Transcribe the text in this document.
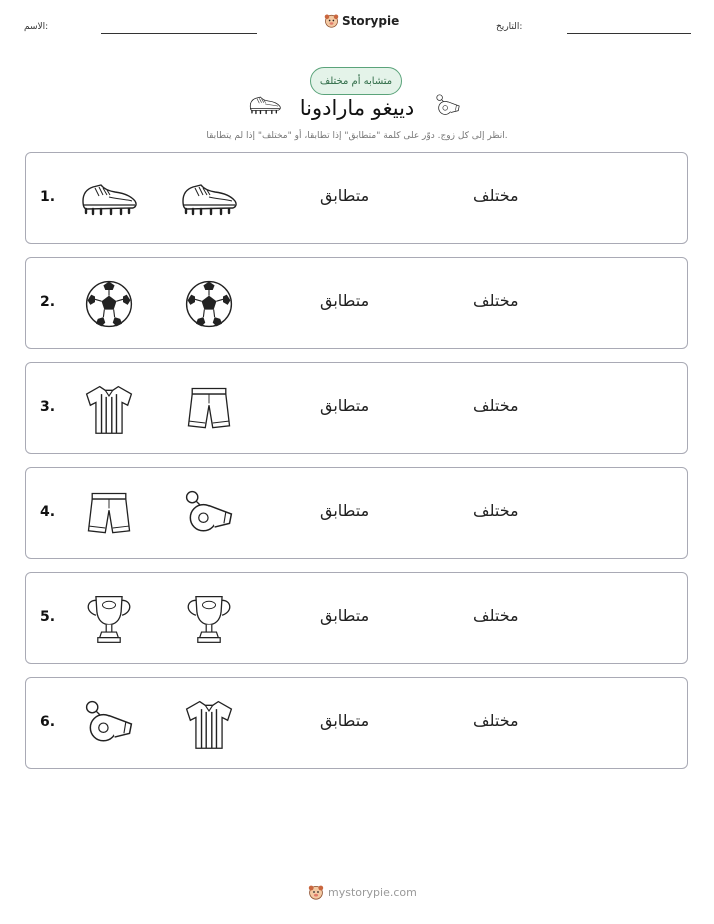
الاسم:	Storypie	التاريخ:
متشابه أم مختلف
دييغو مارادونا
انظر إلى كل زوج. دوّر على كلمة "متطابق" إذا تطابقا، أو "مختلف" إذا لم يتطابقا.
1.	متطابق	مختلف
2.	متطابق	مختلف
3.	متطابق	مختلف
4.	متطابق	مختلف
5.	متطابق	مختلف
6.	متطابق	مختلف
mystorypie.com
